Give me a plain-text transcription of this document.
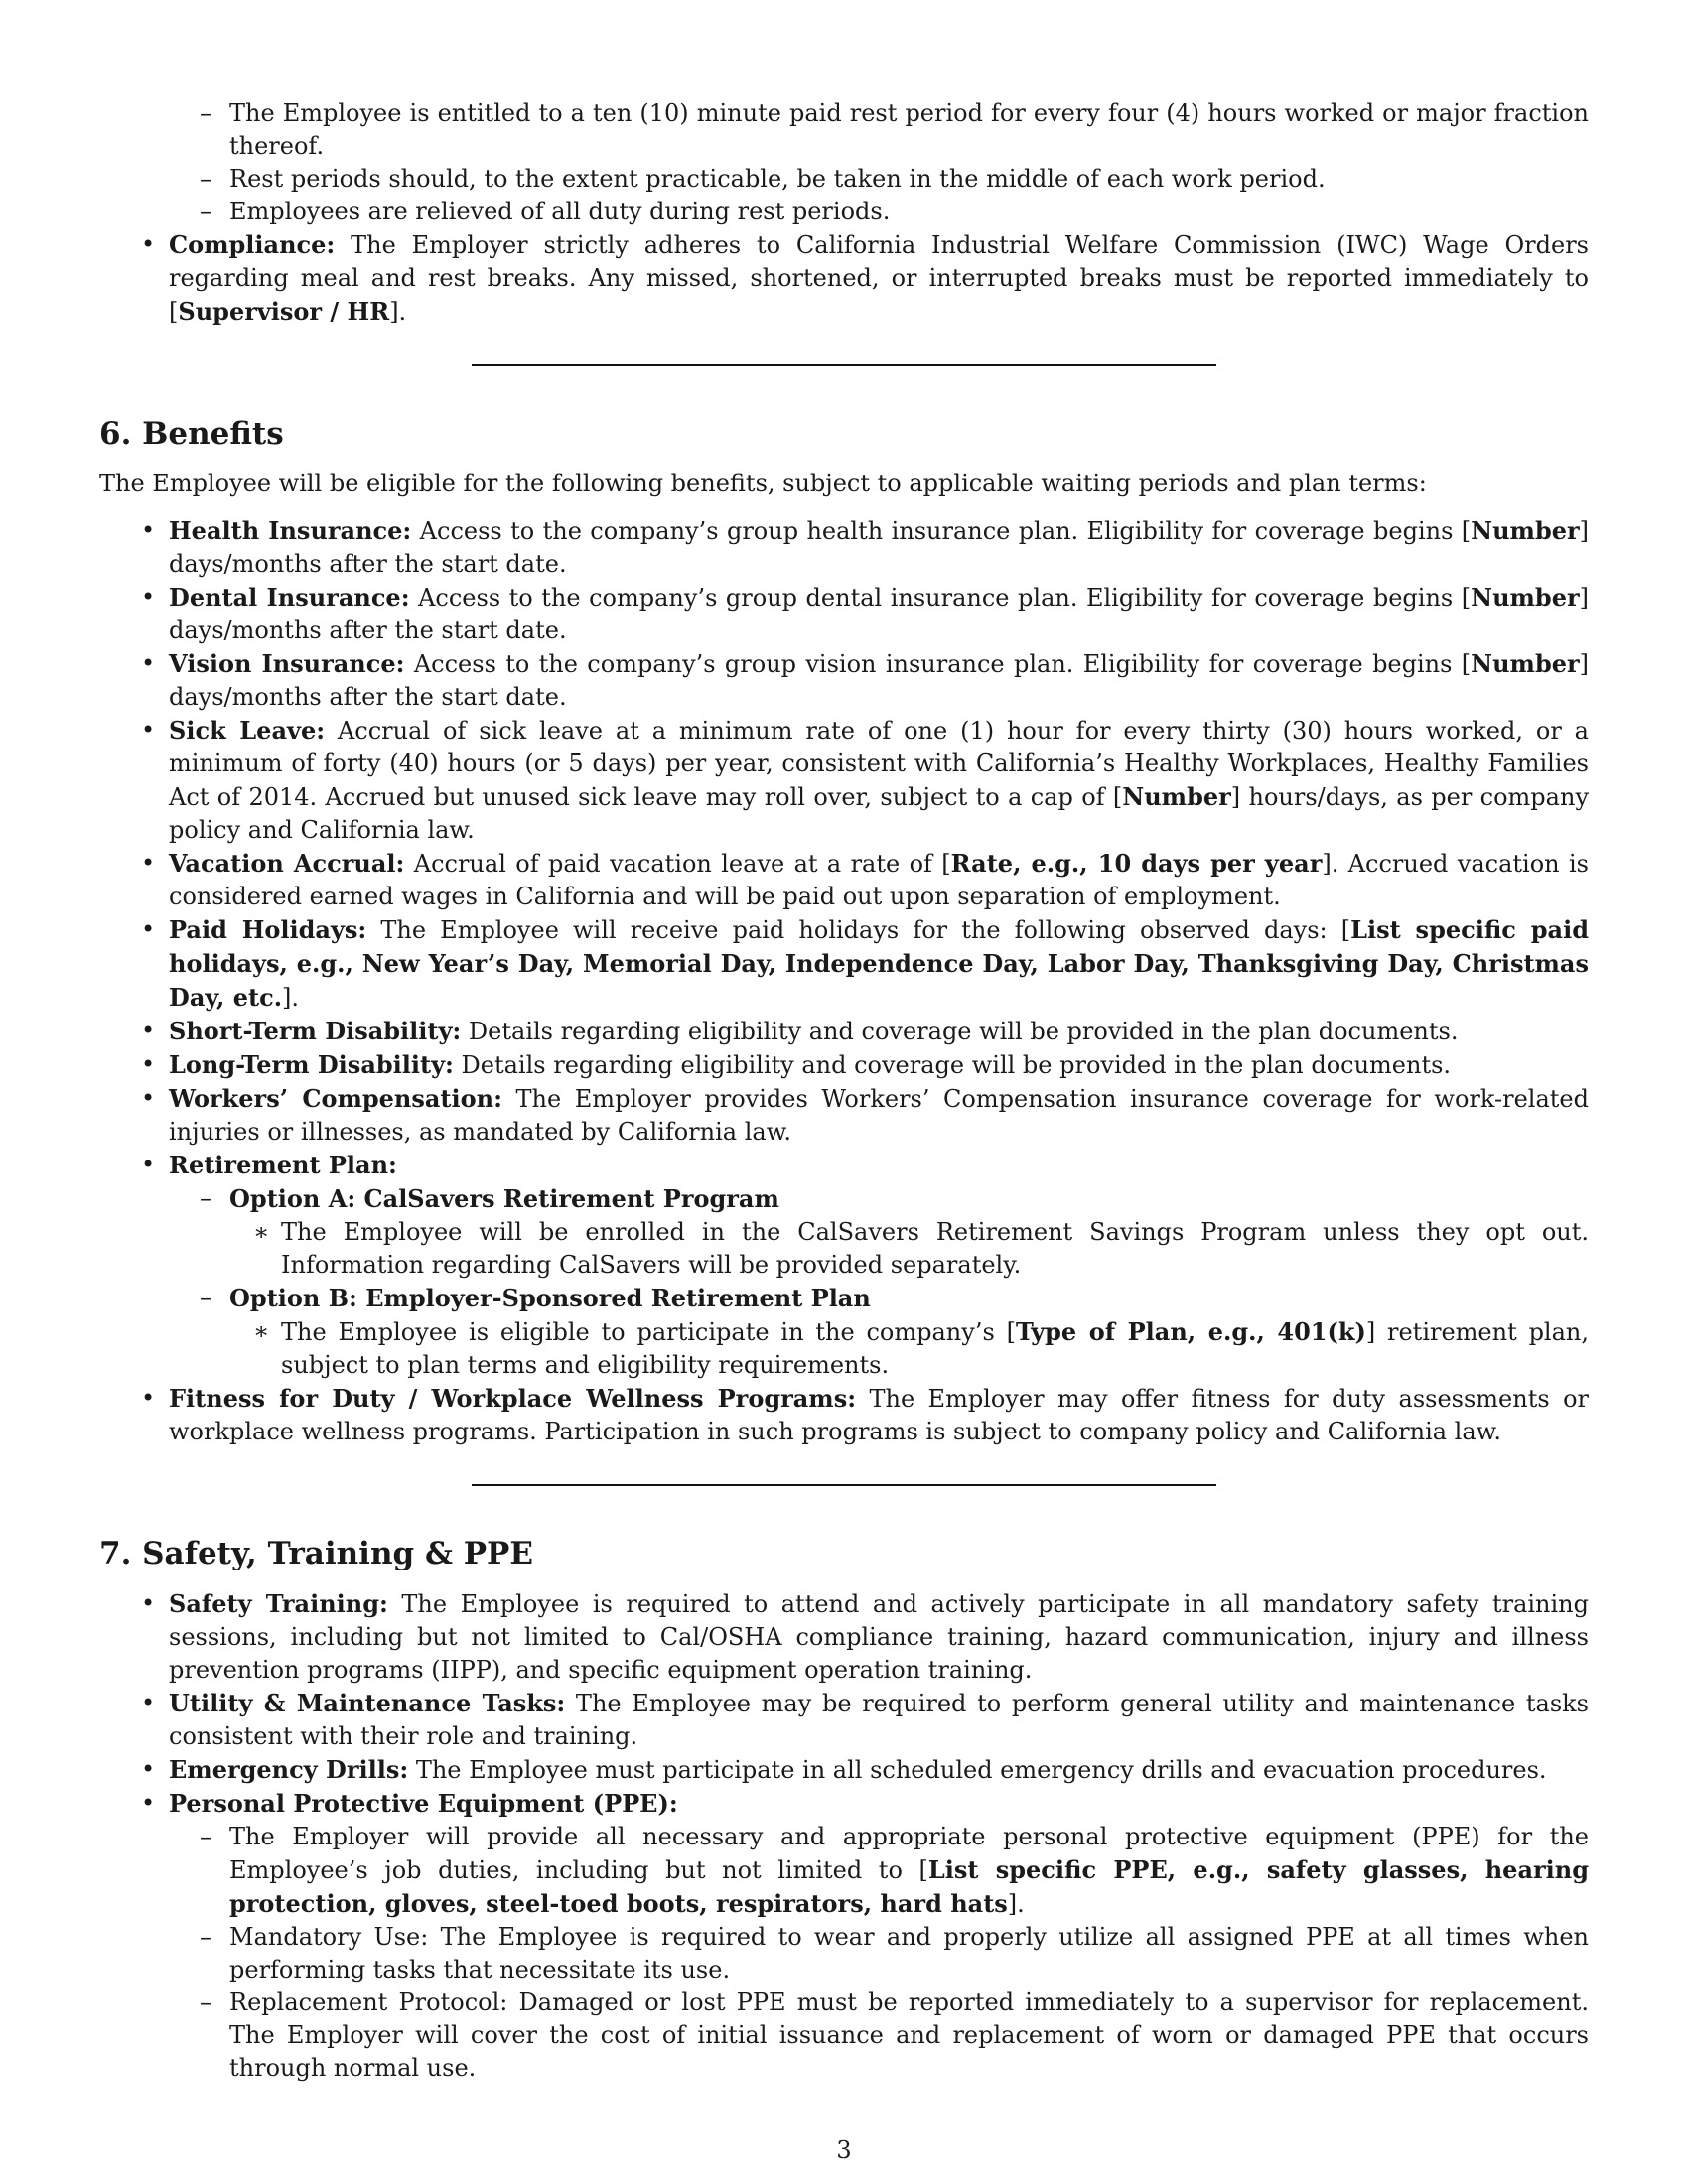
– The Employee is entitled to a ten (10) minute paid rest period for every four (4) hours worked or major fraction thereof.
– Rest periods should, to the extent practicable, be taken in the middle of each work period.
– Employees are relieved of all duty during rest periods.
• Compliance: The Employer strictly adheres to California Industrial Welfare Commission (IWC) Wage Orders regarding meal and rest breaks. Any missed, shortened, or interrupted breaks must be reported immediately to [Supervisor / HR].
6. Benefits

The Employee will be eligible for the following benefits, subject to applicable waiting periods and plan terms:

• Health Insurance: Access to the company’s group health insurance plan. Eligibility for coverage begins [Number] days/months after the start date.
• Dental Insurance: Access to the company’s group dental insurance plan. Eligibility for coverage begins [Number] days/months after the start date.
• Vision Insurance: Access to the company’s group vision insurance plan. Eligibility for coverage begins [Number] days/months after the start date.
• Sick Leave: Accrual of sick leave at a minimum rate of one (1) hour for every thirty (30) hours worked, or a minimum of forty (40) hours (or 5 days) per year, consistent with California’s Healthy Workplaces, Healthy Families Act of 2014. Accrued but unused sick leave may roll over, subject to a cap of [Number] hours/days, as per company policy and California law.
• Vacation Accrual: Accrual of paid vacation leave at a rate of [Rate, e.g., 10 days per year]. Accrued vacation is considered earned wages in California and will be paid out upon separation of employment.
• Paid Holidays: The Employee will receive paid holidays for the following observed days: [List specific paid holidays, e.g., New Year’s Day, Memorial Day, Independence Day, Labor Day, Thanksgiving Day, Christmas Day, etc.].
• Short-Term Disability: Details regarding eligibility and coverage will be provided in the plan documents.
• Long-Term Disability: Details regarding eligibility and coverage will be provided in the plan documents.
• Workers’ Compensation: The Employer provides Workers’ Compensation insurance coverage for work-related injuries or illnesses, as mandated by California law.
• Retirement Plan:
– Option A: CalSavers Retirement Program
∗ The Employee will be enrolled in the CalSavers Retirement Savings Program unless they opt out. Information regarding CalSavers will be provided separately.
– Option B: Employer-Sponsored Retirement Plan
∗ The Employee is eligible to participate in the company’s [Type of Plan, e.g., 401(k)] retirement plan, subject to plan terms and eligibility requirements.
• Fitness for Duty / Workplace Wellness Programs: The Employer may offer fitness for duty assessments or workplace wellness programs. Participation in such programs is subject to company policy and California law.
7. Safety, Training & PPE
• Safety Training: The Employee is required to attend and actively participate in all mandatory safety training sessions, including but not limited to Cal/OSHA compliance training, hazard communication, injury and illness prevention programs (IIPP), and specific equipment operation training.
• Utility & Maintenance Tasks: The Employee may be required to perform general utility and maintenance tasks consistent with their role and training.
• Emergency Drills: The Employee must participate in all scheduled emergency drills and evacuation procedures.
• Personal Protective Equipment (PPE):
– The Employer will provide all necessary and appropriate personal protective equipment (PPE) for the Employee’s job duties, including but not limited to [List specific PPE, e.g., safety glasses, hearing protection, gloves, steel-toed boots, respirators, hard hats].
– Mandatory Use: The Employee is required to wear and properly utilize all assigned PPE at all times when performing tasks that necessitate its use.
– Replacement Protocol: Damaged or lost PPE must be reported immediately to a supervisor for replacement. The Employer will cover the cost of initial issuance and replacement of worn or damaged PPE that occurs through normal use.
3
